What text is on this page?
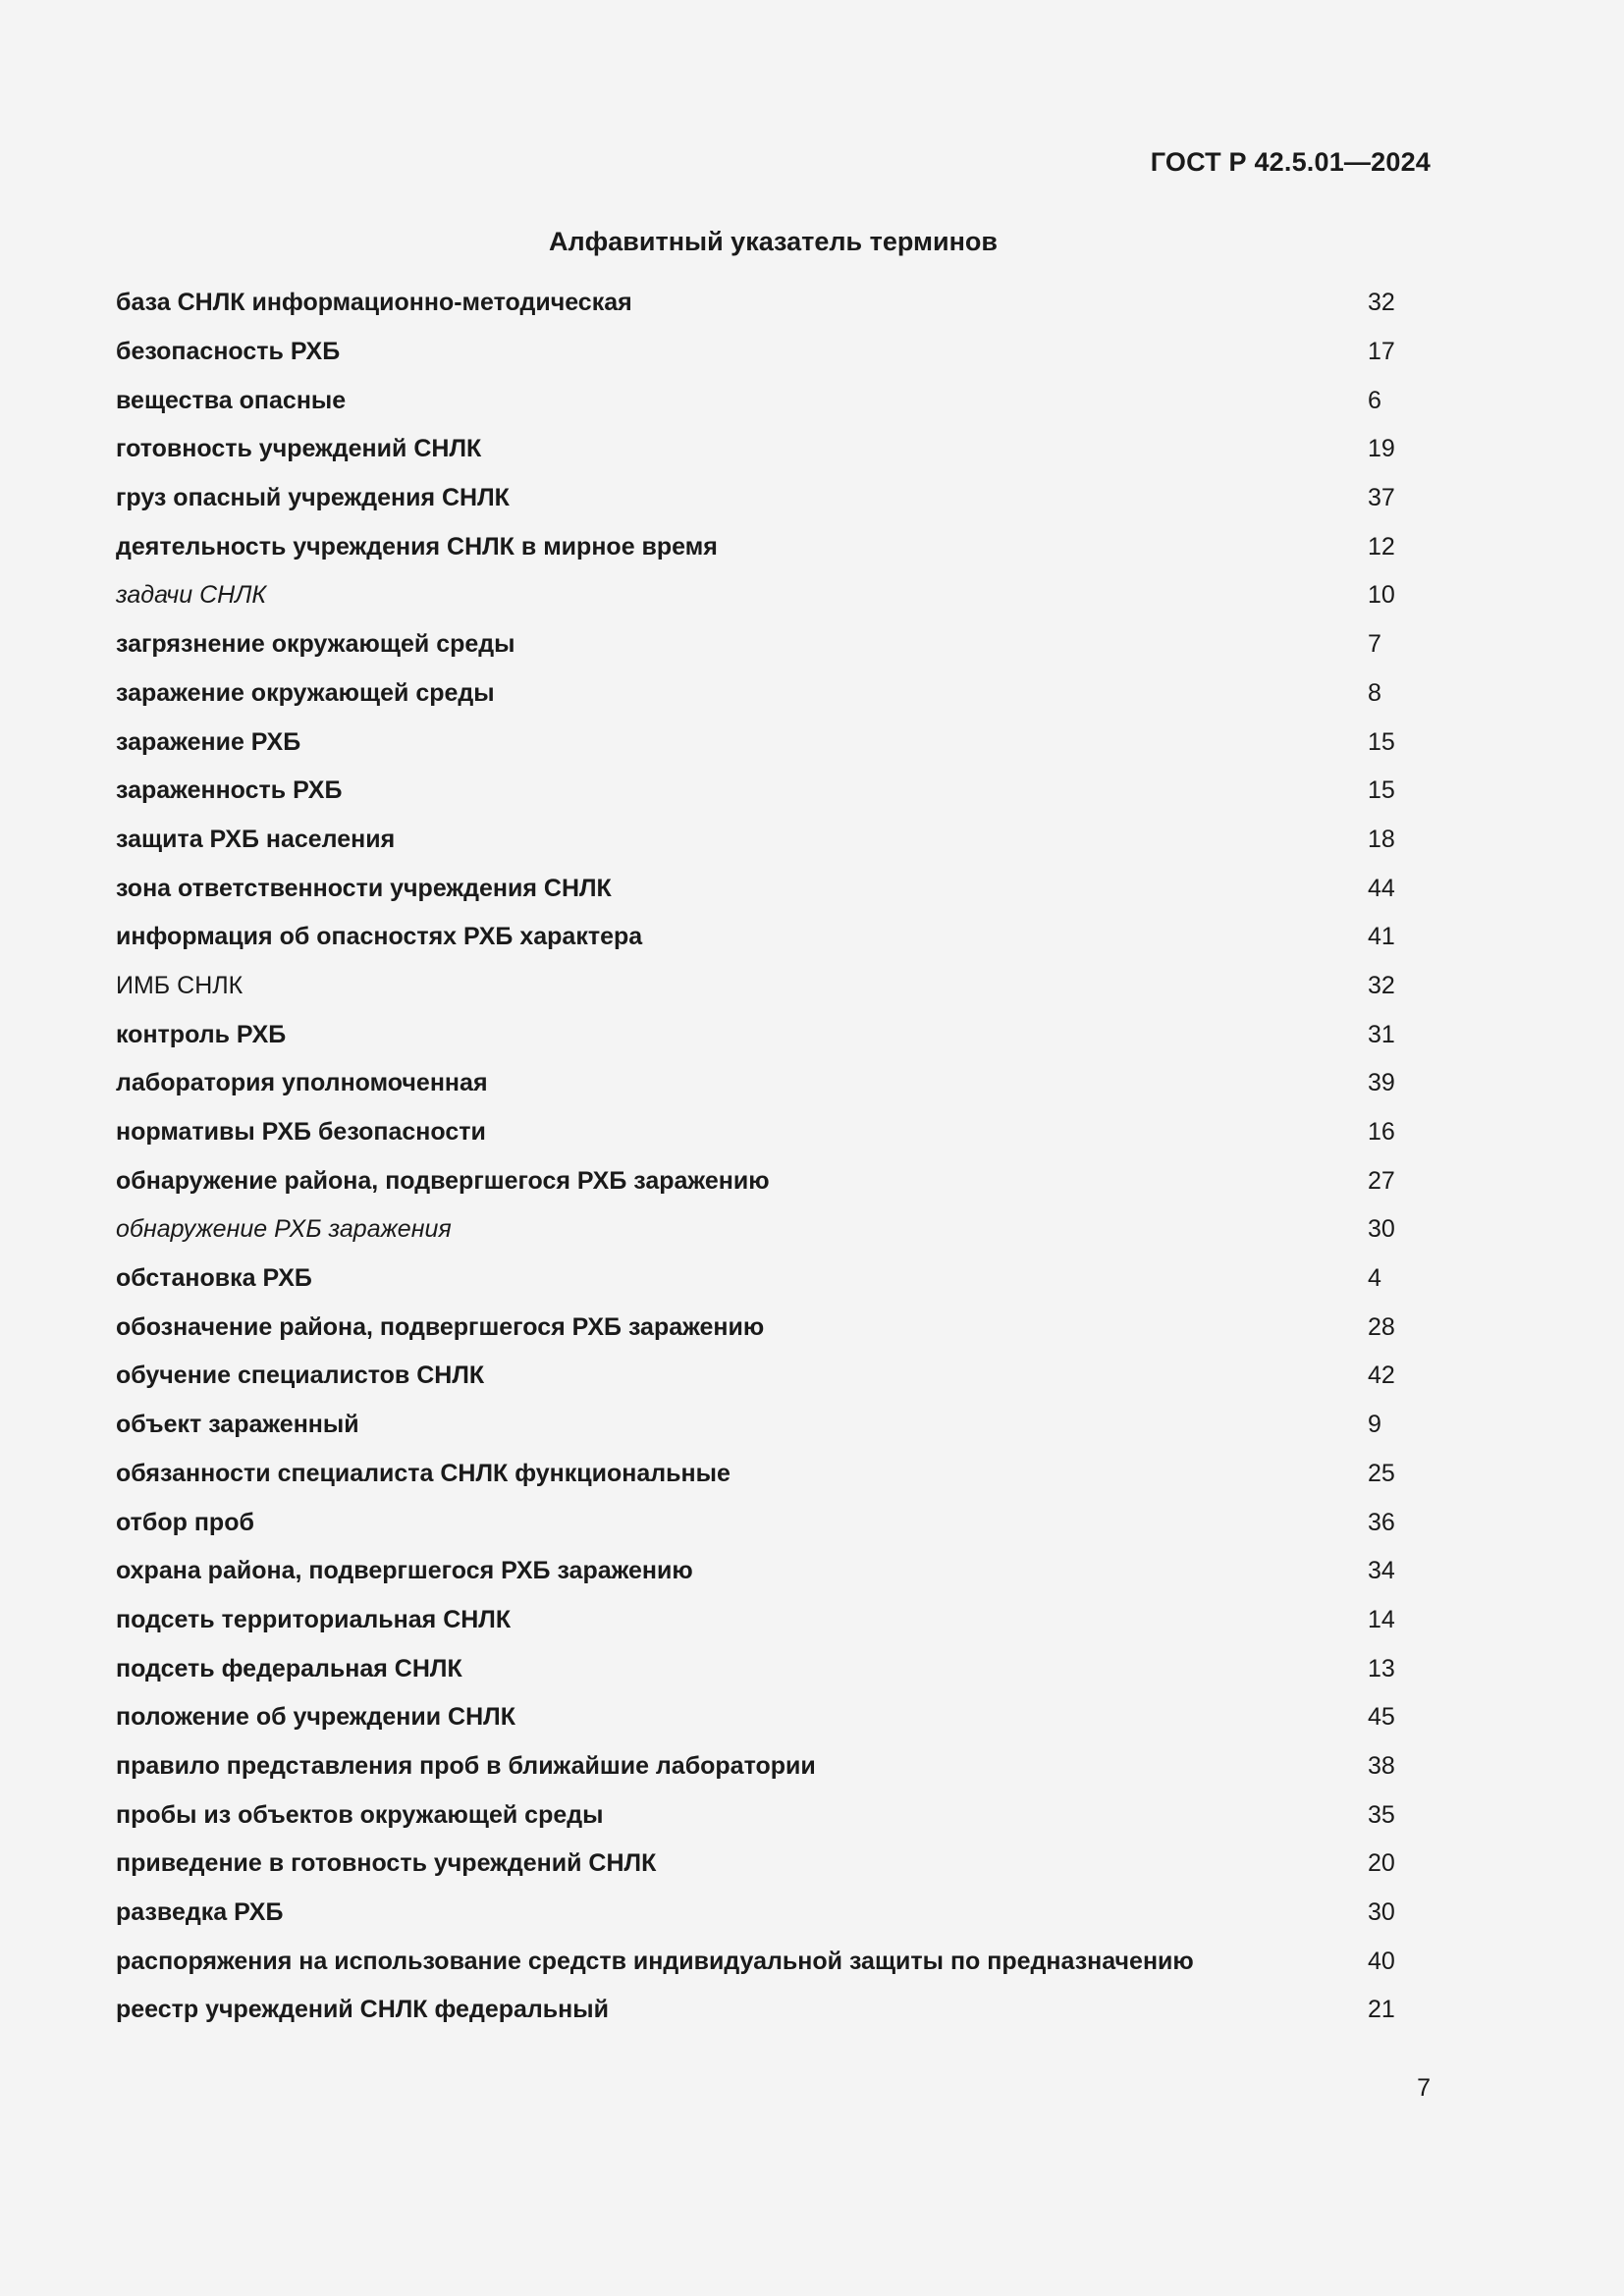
ГОСТ Р 42.5.01—2024
Алфавитный указатель терминов
база СНЛК информационно-методическая	32
безопасность РХБ	17
вещества опасные	6
готовность учреждений СНЛК	19
груз опасный учреждения СНЛК	37
деятельность учреждения СНЛК в мирное время	12
задачи СНЛК	10
загрязнение окружающей среды	7
заражение окружающей среды	8
заражение РХБ	15
зараженность РХБ	15
защита РХБ населения	18
зона ответственности учреждения СНЛК	44
информация об опасностях РХБ характера	41
ИМБ СНЛК	32
контроль РХБ	31
лаборатория уполномоченная	39
нормативы РХБ безопасности	16
обнаружение района, подвергшегося РХБ заражению	27
обнаружение РХБ заражения	30
обстановка РХБ	4
обозначение района, подвергшегося РХБ заражению	28
обучение специалистов СНЛК	42
объект зараженный	9
обязанности специалиста СНЛК функциональные	25
отбор проб	36
охрана района, подвергшегося РХБ заражению	34
подсеть территориальная СНЛК	14
подсеть федеральная СНЛК	13
положение об учреждении СНЛК	45
правило представления проб в ближайшие лаборатории	38
пробы из объектов окружающей среды	35
приведение в готовность учреждений СНЛК	20
разведка РХБ	30
распоряжения на использование средств индивидуальной защиты по предназначению	40
реестр учреждений СНЛК федеральный	21
7
